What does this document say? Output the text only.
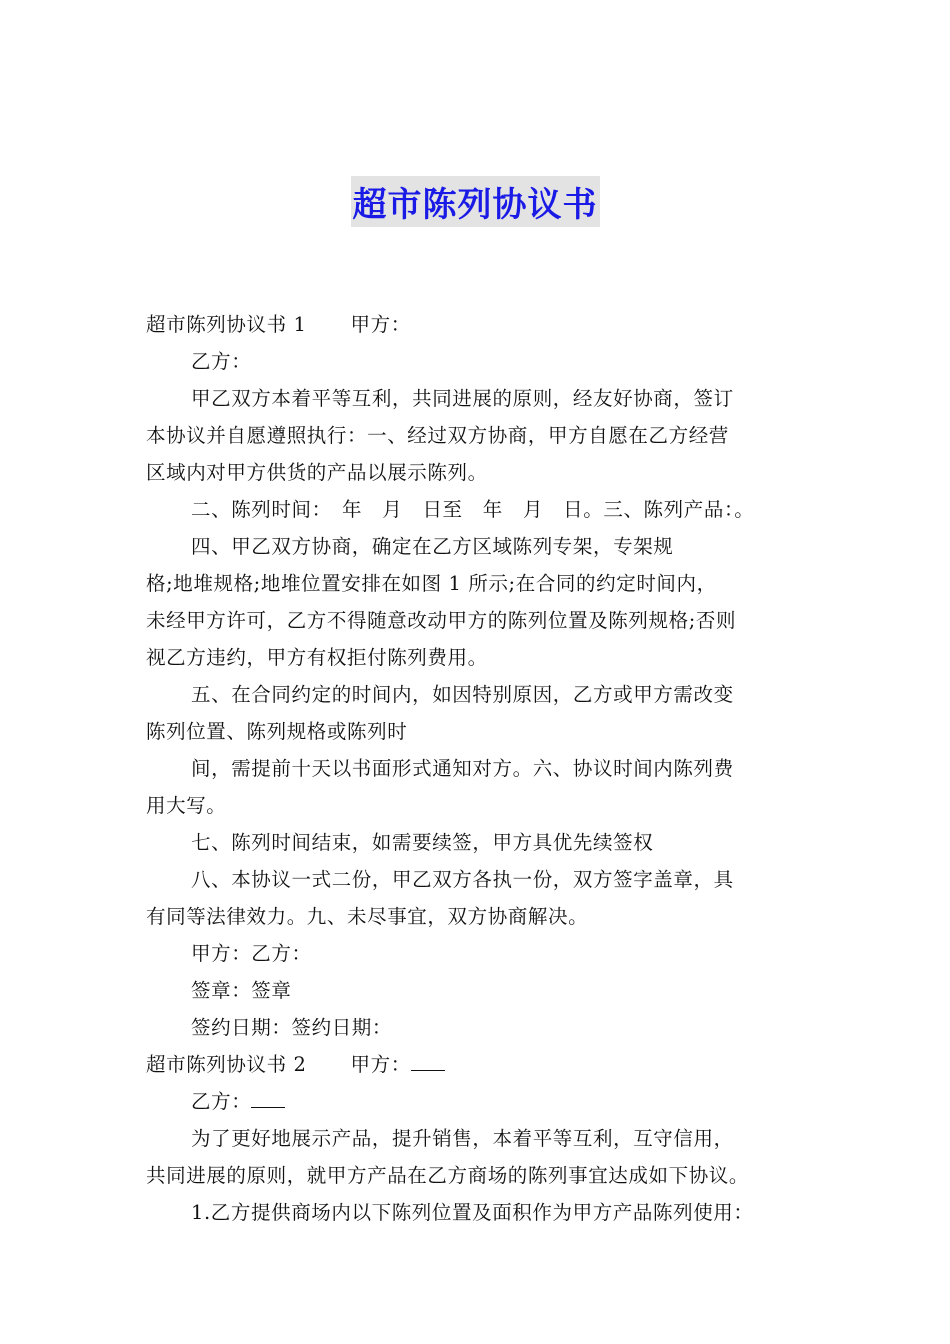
超市陈列协议书

超市陈列协议书 1 甲方：

乙方：

甲乙双方本着平等互利，共同进展的原则，经友好协商，签订

本协议并自愿遵照执行：一、经过双方协商，甲方自愿在乙方经营

区域内对甲方供货的产品以展示陈列。

二、陈列时间：　年　月　日至　年　月　日。三、陈列产品：。

四、甲乙双方协商，确定在乙方区域陈列专架，专架规

格;地堆规格;地堆位置安排在如图 1 所示;在合同的约定时间内，

未经甲方许可，乙方不得随意改动甲方的陈列位置及陈列规格;否则

视乙方违约，甲方有权拒付陈列费用。

五、在合同约定的时间内，如因特别原因，乙方或甲方需改变

陈列位置、陈列规格或陈列时

间，需提前十天以书面形式通知对方。六、协议时间内陈列费

用大写。

七、陈列时间结束，如需要续签，甲方具优先续签权

八、本协议一式二份，甲乙双方各执一份，双方签字盖章，具

有同等法律效力。九、未尽事宜，双方协商解决。

甲方：乙方：

签章：签章

签约日期：签约日期：

超市陈列协议书 2 甲方：

乙方：

为了更好地展示产品，提升销售，本着平等互利，互守信用，

共同进展的原则，就甲方产品在乙方商场的陈列事宜达成如下协议。

1.乙方提供商场内以下陈列位置及面积作为甲方产品陈列使用：
